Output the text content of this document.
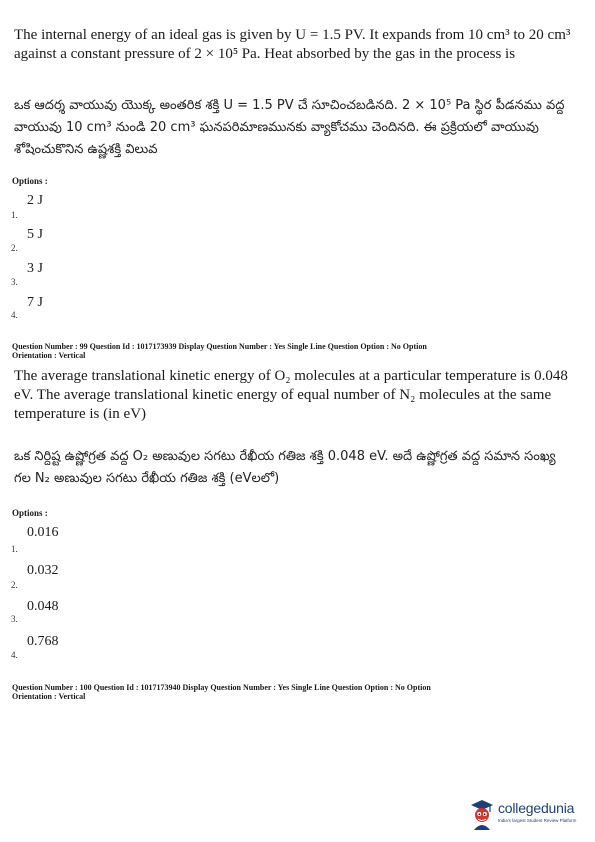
The internal energy of an ideal gas is given by U = 1.5 PV. It expands from 10 cm³ to 20 cm³ against a constant pressure of 2 × 10⁵ Pa. Heat absorbed by the gas in the process is
ఒక ఆదర్శ వాయువు యొక్క అంతరిక శక్తి U = 1.5 PV చే సూచించబడినది. 2 × 10⁵ Pa స్థిర పీడనము వద్ద వాయువు 10 cm³ నుండి 20 cm³ ఘనపరిమాణమునకు వ్యాకోచము చెందినది. ఈ ప్రక్రియలో వాయువు శోషించుకొనిన ఉష్ణశక్తి విలువ
Options :
2 J
1.
5 J
2.
3 J
3.
7 J
4.
Question Number : 99 Question Id : 1017173939 Display Question Number : Yes Single Line Question Option : No Option
Orientation : Vertical
The average translational kinetic energy of O₂ molecules at a particular temperature is 0.048 eV. The average translational kinetic energy of equal number of N₂ molecules at the same temperature is (in eV)
ఒక నిర్దిష్ట ఉష్ణోగ్రత వద్ద O₂ అణువుల సగటు రేఖీయ గతిజ శక్తి 0.048 eV. అదే ఉష్ణోగ్రత వద్ద సమాన సంఖ్య గల N₂ అణువుల సగటు రేఖీయ గతిజ శక్తి (eVలలో)
Options :
0.016
1.
0.032
2.
0.048
3.
0.768
4.
Question Number : 100 Question Id : 1017173940 Display Question Number : Yes Single Line Question Option : No Option
Orientation : Vertical
collegedunia
India's largest Student Review Platform
